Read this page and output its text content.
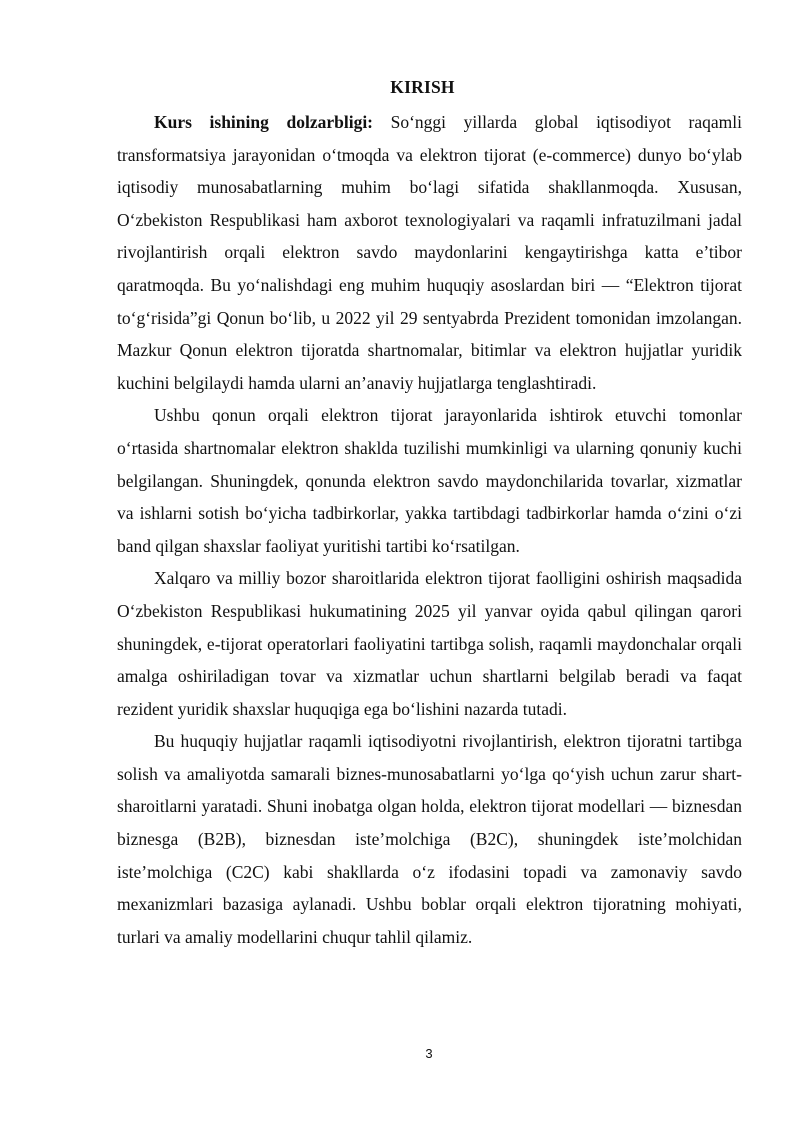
KIRISH

Kurs ishining dolzarbligi: So‘nggi yillarda global iqtisodiyot raqamli transformatsiya jarayonidan o‘tmoqda va elektron tijorat (e-commerce) dunyo bo‘ylab iqtisodiy munosabatlarning muhim bo‘lagi sifatida shakllanmoqda. Xususan, O‘zbekiston Respublikasi ham axborot texnologiyalari va raqamli infratuzilmani jadal rivojlantirish orqali elektron savdo maydonlarini kengaytirishga katta e’tibor qaratmoqda. Bu yo‘nalishdagi eng muhim huquqiy asoslardan biri — “Elektron tijorat to‘g‘risida”gi Qonun bo‘lib, u 2022 yil 29 sentyabrda Prezident tomonidan imzolangan. Mazkur Qonun elektron tijoratda shartnomalar, bitimlar va elektron hujjatlar yuridik kuchini belgilaydi hamda ularni an’anaviy hujjatlarga tenglashtiradi.

Ushbu qonun orqali elektron tijorat jarayonlarida ishtirok etuvchi tomonlar o‘rtasida shartnomalar elektron shaklda tuzilishi mumkinligi va ularning qonuniy kuchi belgilangan. Shuningdek, qonunda elektron savdo maydonchilarida tovarlar, xizmatlar va ishlarni sotish bo‘yicha tadbirkorlar, yakka tartibdagi tadbirkorlar hamda o‘zini o‘zi band qilgan shaxslar faoliyat yuritishi tartibi ko‘rsatilgan.

Xalqaro va milliy bozor sharoitlarida elektron tijorat faolligini oshirish maqsadida O‘zbekiston Respublikasi hukumatining 2025 yil yanvar oyida qabul qilingan qarori shuningdek, e-tijorat operatorlari faoliyatini tartibga solish, raqamli maydonchalar orqali amalga oshiriladigan tovar va xizmatlar uchun shartlarni belgilab beradi va faqat rezident yuridik shaxslar huquqiga ega bo‘lishini nazarda tutadi.

Bu huquqiy hujjatlar raqamli iqtisodiyotni rivojlantirish, elektron tijoratni tartibga solish va amaliyotda samarali biznes-munosabatlarni yo‘lga qo‘yish uchun zarur shart-sharoitlarni yaratadi. Shuni inobatga olgan holda, elektron tijorat modellari — biznesdan biznesga (B2B), biznesdan iste’molchiga (B2C), shuningdek iste’molchidan iste’molchiga (C2C) kabi shakllarda o‘z ifodasini topadi va zamonaviy savdo mexanizmlari bazasiga aylanadi. Ushbu boblar orqali elektron tijoratning mohiyati, turlari va amaliy modellarini chuqur tahlil qilamiz.

3
